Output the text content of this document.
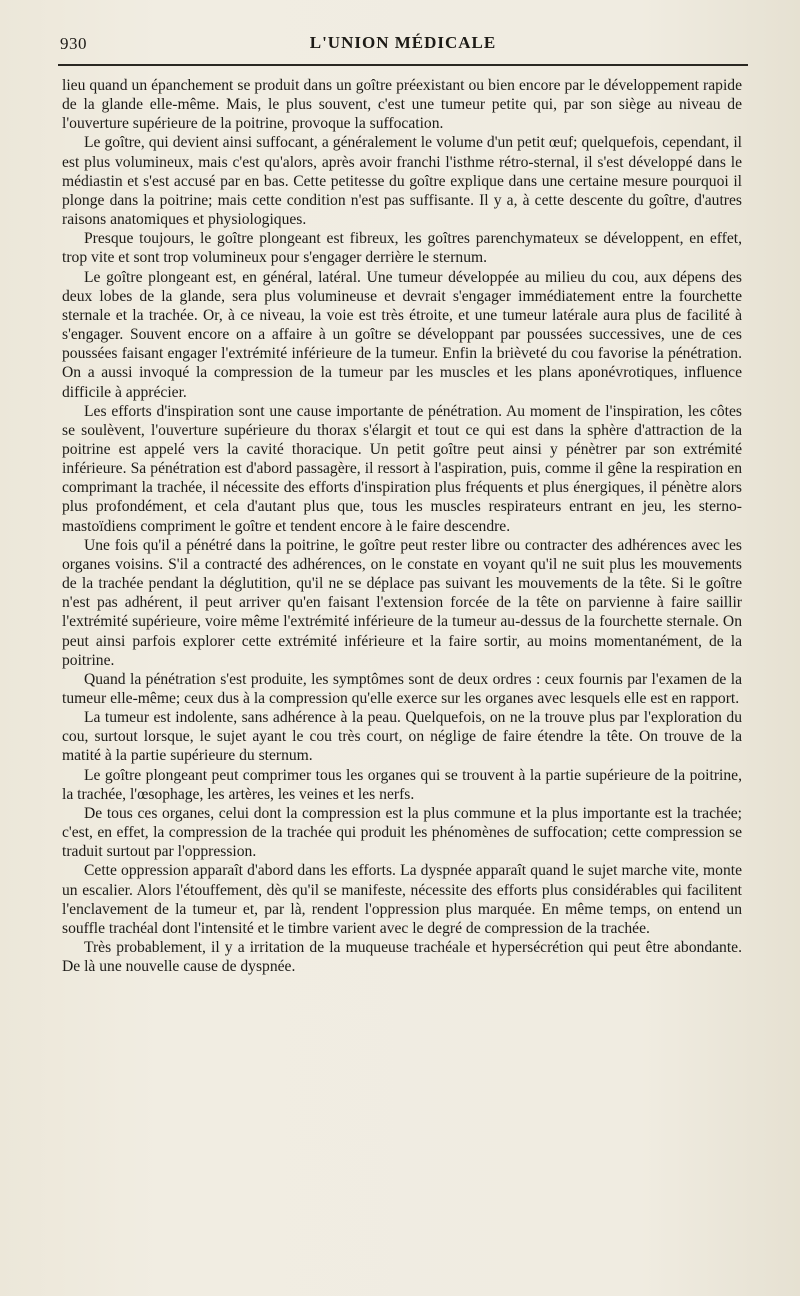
930	L'UNION MÉDICALE

lieu quand un épanchement se produit dans un goître préexistant ou bien encore par le développement rapide de la glande elle-même. Mais, le plus souvent, c'est une tumeur petite qui, par son siège au niveau de l'ouverture supérieure de la poitrine, provoque la suffocation.

Le goître, qui devient ainsi suffocant, a généralement le volume d'un petit œuf; quelquefois, cependant, il est plus volumineux, mais c'est qu'alors, après avoir franchi l'isthme rétro-sternal, il s'est développé dans le médiastin et s'est accusé par en bas. Cette petitesse du goître explique dans une certaine mesure pourquoi il plonge dans la poitrine; mais cette condition n'est pas suffisante. Il y a, à cette descente du goître, d'autres raisons anatomiques et physiologiques.

Presque toujours, le goître plongeant est fibreux, les goîtres parenchymateux se développent, en effet, trop vite et sont trop volumineux pour s'engager derrière le sternum.

Le goître plongeant est, en général, latéral. Une tumeur développée au milieu du cou, aux dépens des deux lobes de la glande, sera plus volumineuse et devrait s'engager immédiatement entre la fourchette sternale et la trachée. Or, à ce niveau, la voie est très étroite, et une tumeur latérale aura plus de facilité à s'engager. Souvent encore on a affaire à un goître se développant par poussées successives, une de ces poussées faisant engager l'extrémité inférieure de la tumeur. Enfin la brièveté du cou favorise la pénétration. On a aussi invoqué la compression de la tumeur par les muscles et les plans aponévrotiques, influence difficile à apprécier.

Les efforts d'inspiration sont une cause importante de pénétration. Au moment de l'inspiration, les côtes se soulèvent, l'ouverture supérieure du thorax s'élargit et tout ce qui est dans la sphère d'attraction de la poitrine est appelé vers la cavité thoracique. Un petit goître peut ainsi y pénètrer par son extrémité inférieure. Sa pénétration est d'abord passagère, il ressort à l'aspiration, puis, comme il gêne la respiration en comprimant la trachée, il nécessite des efforts d'inspiration plus fréquents et plus énergiques, il pénètre alors plus profondément, et cela d'autant plus que, tous les muscles respirateurs entrant en jeu, les sterno-mastoïdiens compriment le goître et tendent encore à le faire descendre.

Une fois qu'il a pénétré dans la poitrine, le goître peut rester libre ou contracter des adhérences avec les organes voisins. S'il a contracté des adhérences, on le constate en voyant qu'il ne suit plus les mouvements de la trachée pendant la déglutition, qu'il ne se déplace pas suivant les mouvements de la tête. Si le goître n'est pas adhérent, il peut arriver qu'en faisant l'extension forcée de la tête on parvienne à faire saillir l'extrémité supérieure, voire même l'extrémité inférieure de la tumeur au-dessus de la fourchette sternale. On peut ainsi parfois explorer cette extrémité inférieure et la faire sortir, au moins momentanément, de la poitrine.

Quand la pénétration s'est produite, les symptômes sont de deux ordres : ceux fournis par l'examen de la tumeur elle-même; ceux dus à la compression qu'elle exerce sur les organes avec lesquels elle est en rapport.

La tumeur est indolente, sans adhérence à la peau. Quelquefois, on ne la trouve plus par l'exploration du cou, surtout lorsque, le sujet ayant le cou très court, on néglige de faire étendre la tête. On trouve de la matité à la partie supérieure du sternum.

Le goître plongeant peut comprimer tous les organes qui se trouvent à la partie supérieure de la poitrine, la trachée, l'œsophage, les artères, les veines et les nerfs.

De tous ces organes, celui dont la compression est la plus commune et la plus importante est la trachée; c'est, en effet, la compression de la trachée qui produit les phénomènes de suffocation; cette compression se traduit surtout par l'oppression.

Cette oppression apparaît d'abord dans les efforts. La dyspnée apparaît quand le sujet marche vite, monte un escalier. Alors l'étouffement, dès qu'il se manifeste, nécessite des efforts plus considérables qui facilitent l'enclavement de la tumeur et, par là, rendent l'oppression plus marquée. En même temps, on entend un souffle trachéal dont l'intensité et le timbre varient avec le degré de compression de la trachée.

Très probablement, il y a irritation de la muqueuse trachéale et hypersécrétion qui peut être abondante. De là une nouvelle cause de dyspnée.
